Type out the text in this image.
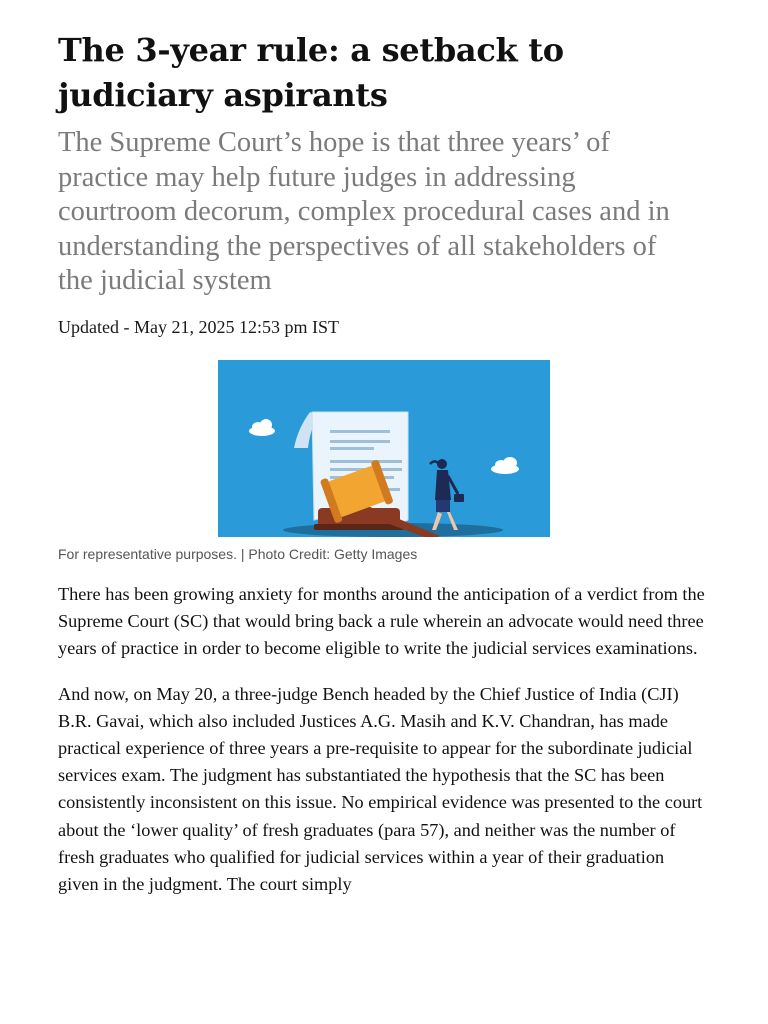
The 3-year rule: a setback to judiciary aspirants

The Supreme Court’s hope is that three years’ of practice may help future judges in addressing courtroom decorum, complex procedural cases and in understanding the perspectives of all stakeholders of the judicial system

Updated - May 21, 2025 12:53 pm IST

For representative purposes. | Photo Credit: Getty Images

There has been growing anxiety for months around the anticipation of a verdict from the Supreme Court (SC) that would bring back a rule wherein an advocate would need three years of practice in order to become eligible to write the judicial services examinations.

And now, on May 20, a three-judge Bench headed by the Chief Justice of India (CJI) B.R. Gavai, which also included Justices A.G. Masih and K.V. Chandran, has made practical experience of three years a pre-requisite to appear for the subordinate judicial services exam. The judgment has substantiated the hypothesis that the SC has been consistently inconsistent on this issue. No empirical evidence was presented to the court about the ‘lower quality’ of fresh graduates (para 57), and neither was the number of fresh graduates who qualified for judicial services within a year of their graduation given in the judgment. The court simply
